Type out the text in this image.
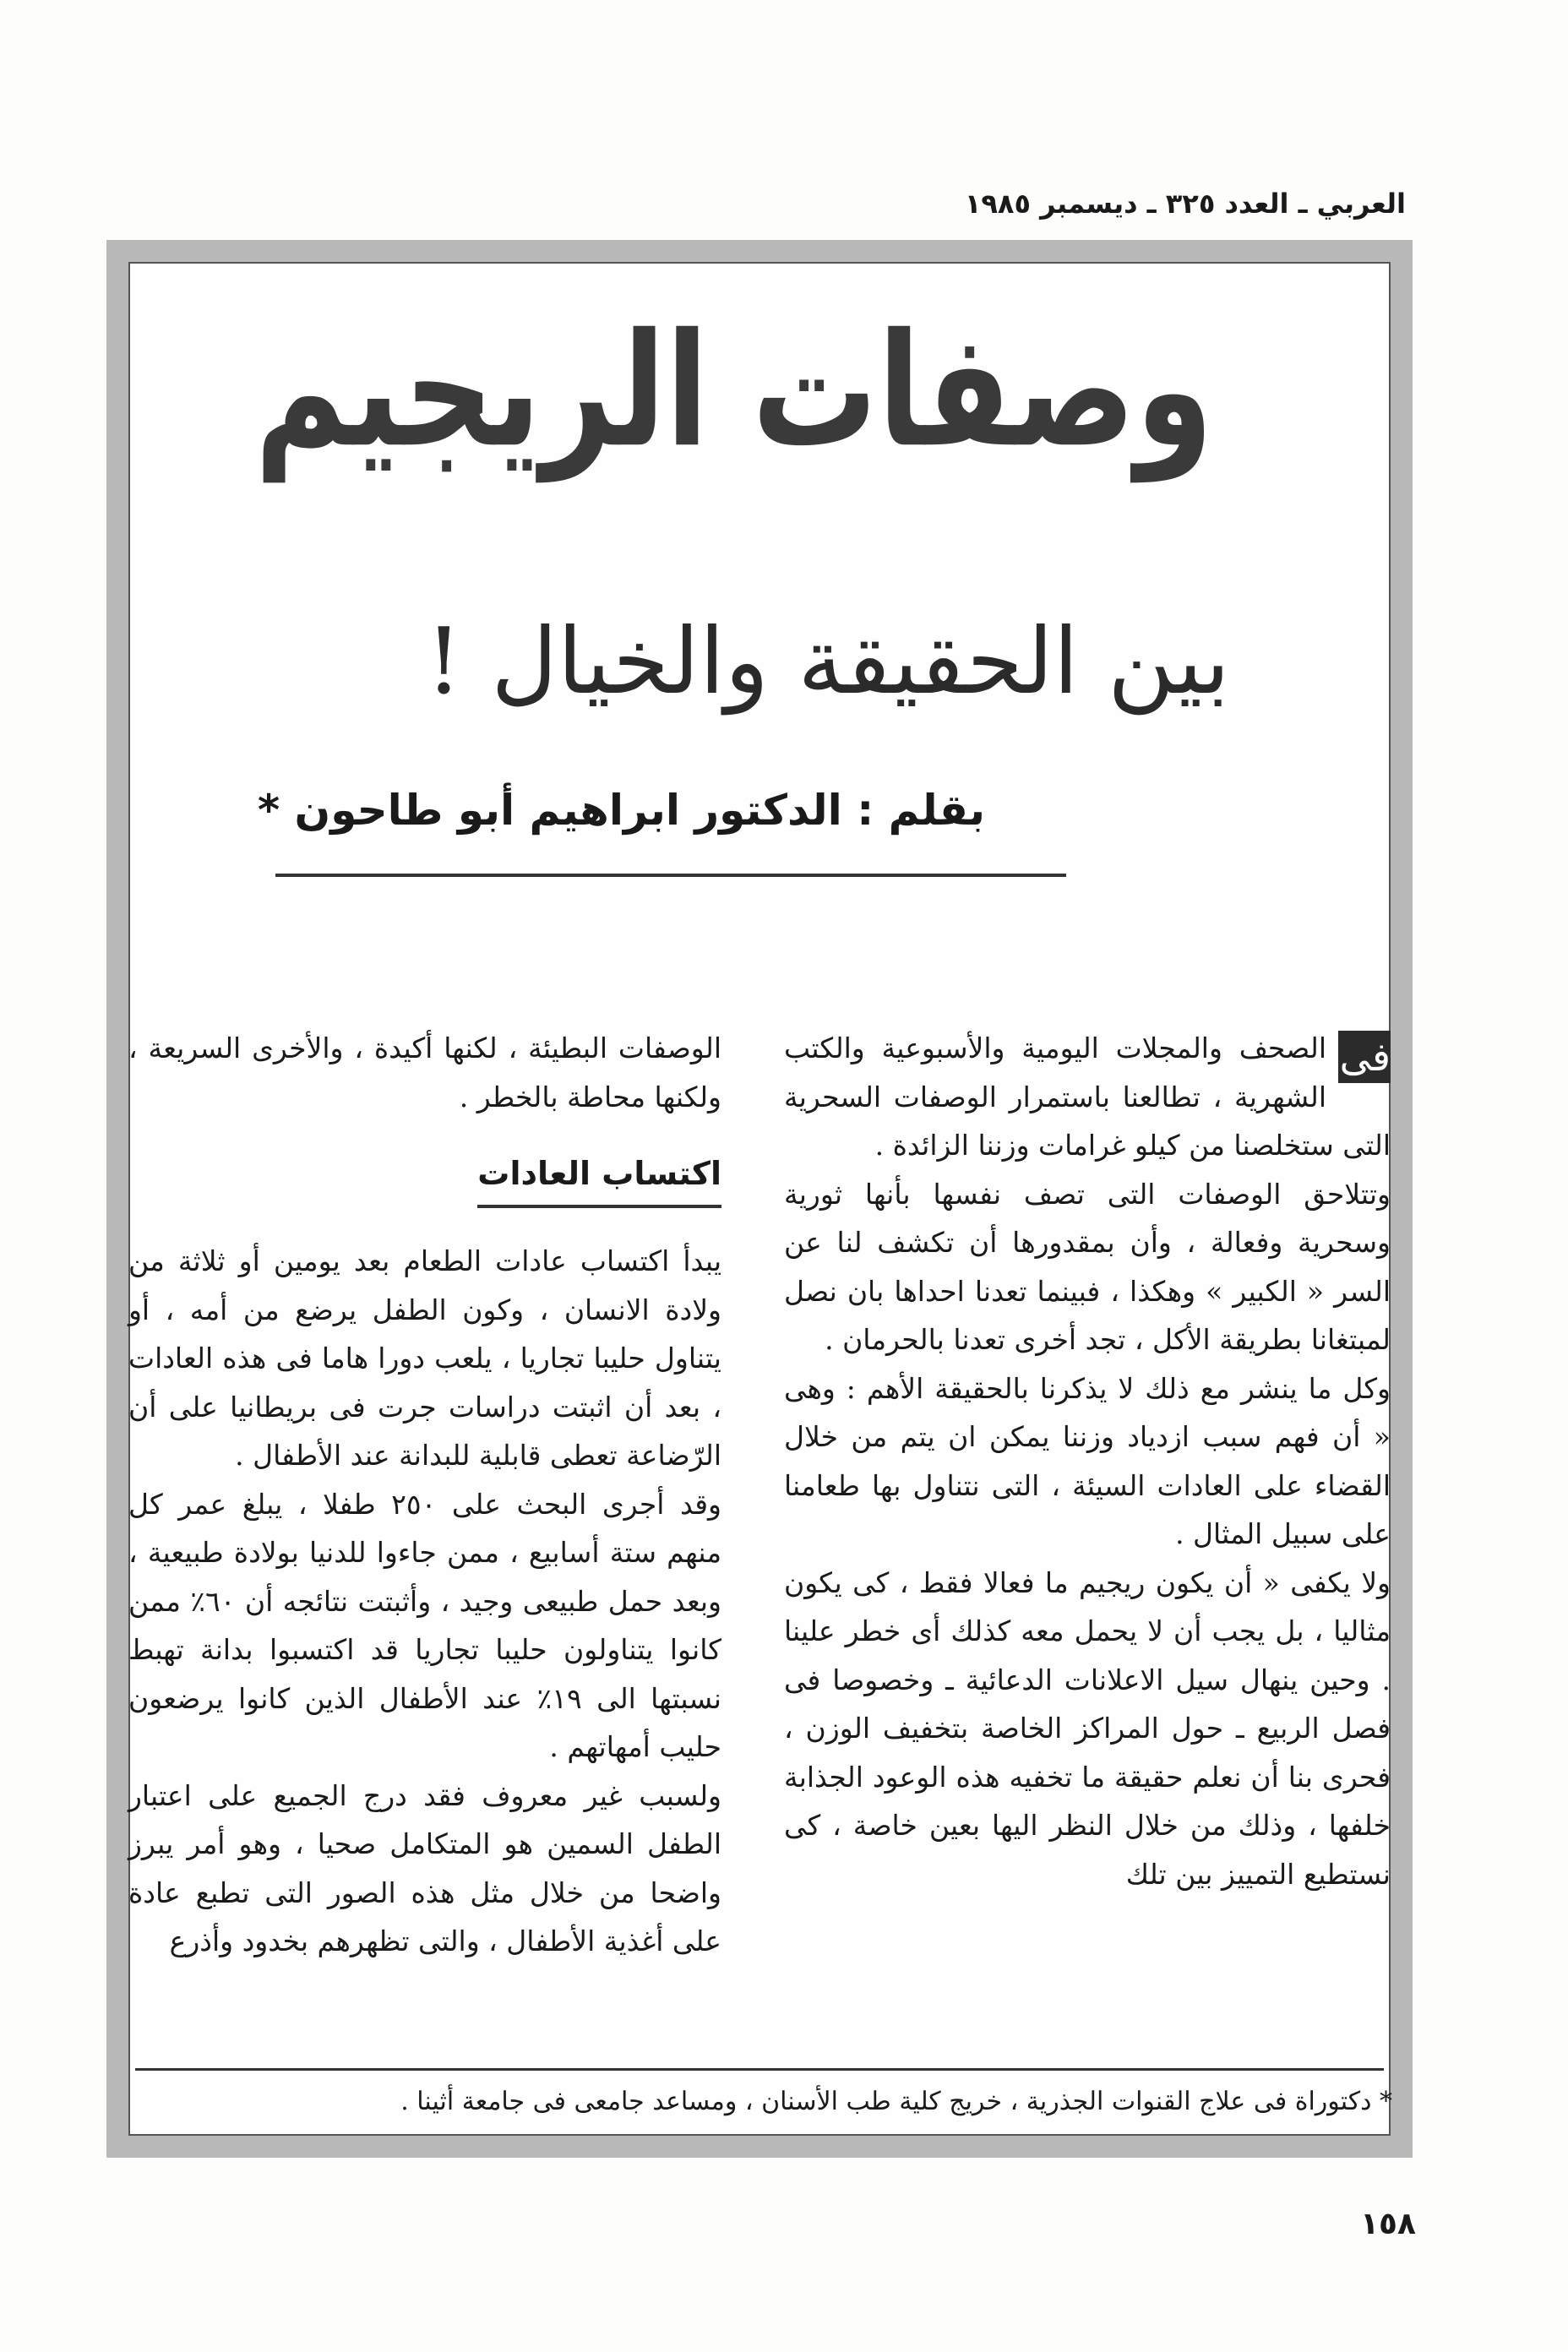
العربي ـ العدد ٣٢٥ ـ ديسمبر ١٩٨٥
وصفات الريجيم
بين الحقيقة والخيال !
بقلم : الدكتور ابراهيم أبو طاحون *

فى
الصحف والمجلات اليومية والأسبوعية والكتب الشهرية ، تطالعنا باستمرار الوصفات السحرية التى ستخلصنا من كيلو غرامات وزننا الزائدة .

وتتلاحق الوصفات التى تصف نفسها بأنها ثورية وسحرية وفعالة ، وأن بمقدورها أن تكشف لنا عن السر « الكبير » وهكذا ، فبينما تعدنا احداها بان نصل لمبتغانا بطريقة الأكل ، تجد أخرى تعدنا بالحرمان .

وكل ما ينشر مع ذلك لا يذكرنا بالحقيقة الأهم : وهى « أن فهم سبب ازدياد وزننا يمكن ان يتم من خلال القضاء على العادات السيئة ، التى نتناول بها طعامنا على سبيل المثال .

ولا يكفى « أن يكون ريجيم ما فعالا فقط ، كى يكون مثاليا ، بل يجب أن لا يحمل معه كذلك أى خطر علينا . وحين ينهال سيل الاعلانات الدعائية ـ وخصوصا فى فصل الربيع ـ حول المراكز الخاصة بتخفيف الوزن ، فحرى بنا أن نعلم حقيقة ما تخفيه هذه الوعود الجذابة خلفها ، وذلك من خلال النظر اليها بعين خاصة ، كى نستطيع التمييز بين تلك

الوصفات البطيئة ، لكنها أكيدة ، والأخرى السريعة ، ولكنها محاطة بالخطر .

اكتساب العادات

يبدأ اكتساب عادات الطعام بعد يومين أو ثلاثة من ولادة الانسان ، وكون الطفل يرضع من أمه ، أو يتناول حليبا تجاريا ، يلعب دورا هاما فى هذه العادات ، بعد أن اثبتت دراسات جرت فى بريطانيا على أن الرّضاعة تعطى قابلية للبدانة عند الأطفال .

وقد أجرى البحث على ٢٥٠ طفلا ، يبلغ عمر كل منهم ستة أسابيع ، ممن جاءوا للدنيا بولادة طبيعية ، وبعد حمل طبيعى وجيد ، وأثبتت نتائجه أن ٦٠٪ ممن كانوا يتناولون حليبا تجاريا قد اكتسبوا بدانة تهبط نسبتها الى ١٩٪ عند الأطفال الذين كانوا يرضعون حليب أمهاتهم .

ولسبب غير معروف فقد درج الجميع على اعتبار الطفل السمين هو المتكامل صحيا ، وهو أمر يبرز واضحا من خلال مثل هذه الصور التى تطبع عادة على أغذية الأطفال ، والتى تظهرهم بخدود وأذرع

* دكتوراة فى علاج القنوات الجذرية ، خريج كلية طب الأسنان ، ومساعد جامعى فى جامعة أثينا .
١٥٨
